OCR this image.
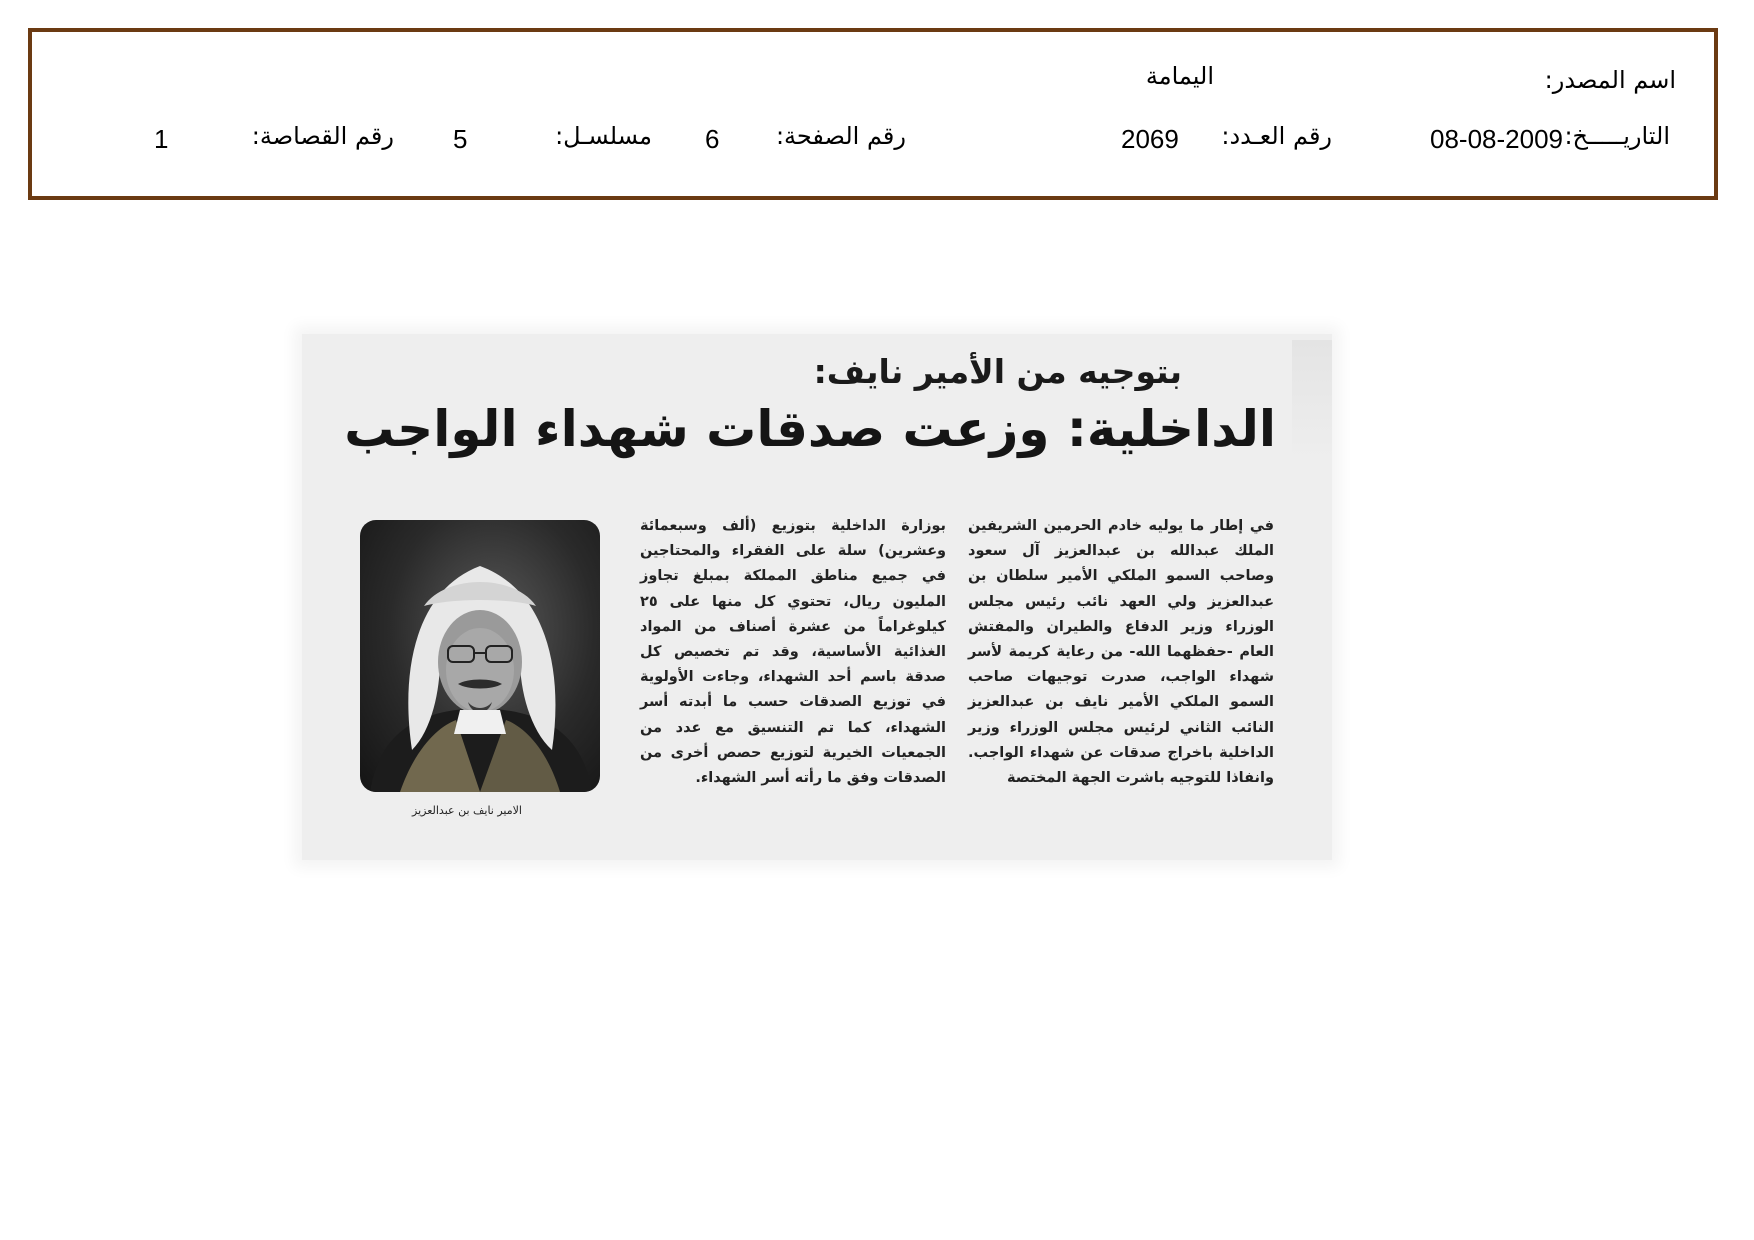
اسم المصدر:
اليمامة
التاريـــــخ:
08-08-2009
رقم العـدد:
2069
رقم الصفحة:
6
مسلسـل:
5
رقم القصاصة:
1
بتوجيه من الأمير نايف:
الداخلية: وزعت صدقات شهداء الواجب

في إطار ما يوليه خادم الحرمين الشريفين الملك عبدالله بن عبدالعزيز آل سعود وصاحب السمو الملكي الأمير سلطان بن عبدالعزيز ولي العهد نائب رئيس مجلس الوزراء وزير الدفاع والطيران والمفتش العام -حفظهما الله- من رعاية كريمة لأسر شهداء الواجب، صدرت توجيهات صاحب السمو الملكي الأمير نايف بن عبدالعزيز النائب الثاني لرئيس مجلس الوزراء وزير الداخلية باخراج صدقات عن شهداء الواجب. وانفاذا للتوجيه باشرت الجهة المختصة

بوزارة الداخلية بتوزيع (ألف وسبعمائة وعشرين) سلة على الفقراء والمحتاجين في جميع مناطق المملكة بمبلغ تجاوز المليون ريال، تحتوي كل منها على ٢٥ كيلوغراماً من عشرة أصناف من المواد الغذائية الأساسية، وقد تم تخصيص كل صدقة باسم أحد الشهداء، وجاءت الأولوية في توزيع الصدقات حسب ما أبدته أسر الشهداء، كما تم التنسيق مع عدد من الجمعيات الخيرية لتوزيع حصص أخرى من الصدقات وفق ما رأته أسر الشهداء.

الامير نايف بن عبدالعزيز
